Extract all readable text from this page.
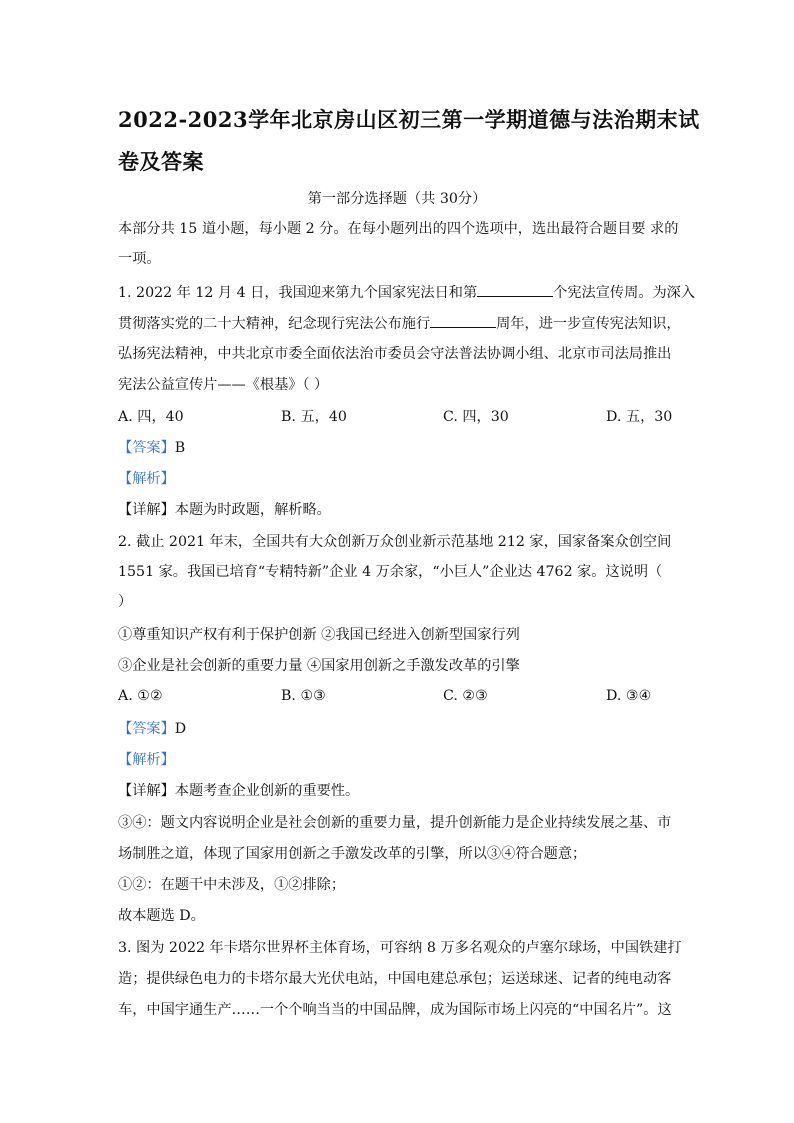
2022-2023学年北京房山区初三第一学期道德与法治期末试
卷及答案
第一部分选择题（共 30分）
本部分共 15 道小题，每小题 2 分。在每小题列出的四个选项中，选出最符合题目要 求的
一项。
1. 2022 年 12 月 4 日，我国迎来第九个国家宪法日和第	个宪法宣传周。为深入
贯彻落实党的二十大精神，纪念现行宪法公布施行	周年，进一步宣传宪法知识，
弘扬宪法精神，中共北京市委全面依法治市委员会守法普法协调小组、北京市司法局推出
宪法公益宣传片——《根基》（ ）
A. 四，40	B. 五，40	C. 四，30	D. 五，30
【答案】B
【解析】
【详解】本题为时政题，解析略。
2. 截止 2021 年末，全国共有大众创新万众创业新示范基地 212 家，国家备案众创空间
1551 家。我国已培育“专精特新”企业 4 万余家，“小巨人”企业达 4762 家。这说明（
）
①尊重知识产权有利于保护创新 ②我国已经进入创新型国家行列
③企业是社会创新的重要力量 ④国家用创新之手激发改革的引擎
A. ①②	B. ①③	C. ②③	D. ③④
【答案】D
【解析】
【详解】本题考查企业创新的重要性。
③④：题文内容说明企业是社会创新的重要力量，提升创新能力是企业持续发展之基、市
场制胜之道，体现了国家用创新之手激发改革的引擎，所以③④符合题意；
①②：在题干中未涉及，①②排除；
故本题选 D。
3. 图为 2022 年卡塔尔世界杯主体育场，可容纳 8 万多名观众的卢塞尔球场，中国铁建打
造；提供绿色电力的卡塔尔最大光伏电站，中国电建总承包；运送球迷、记者的纯电动客
车，中国宇通生产……一个个响当当的中国品牌，成为国际市场上闪亮的“中国名片”。这
